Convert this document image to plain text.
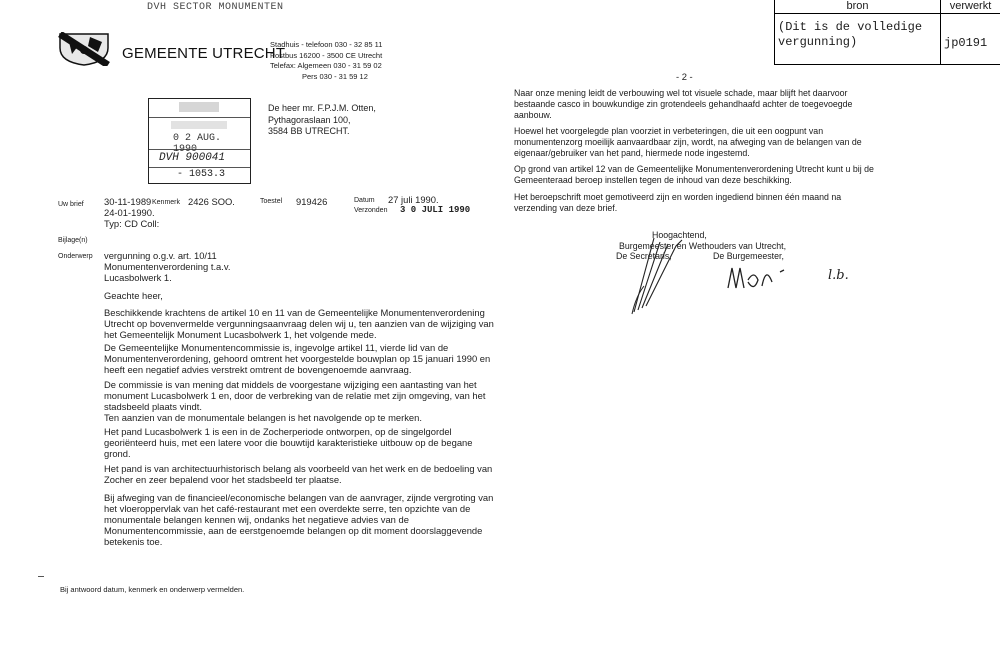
DVH SECTOR MONUMENTEN	bron	verwerkt
(Dit is de volledige
vergunning)	jp0191
GEMEENTE UTRECHT
Stadhuis - telefoon 030 - 32 85 11
Postbus 16200 - 3500 CE Utrecht
Telefax: Algemeen 030 - 31 59 02
Pers 030 - 31 59 12
0 2 AUG. 1990
DVH 900041
- 1053.3
De heer mr. F.P.J.M. Otten,
Pythagoraslaan 100,
3584 BB UTRECHT.
Uw brief 30-11-1989
24-01-1990.
Typ: CD Coll:
Kenmerk 2426 SOO.	Toestel 919426	Datum 27 juli 1990.
Verzonden 3 0 JULI 1990
Bijlage(n)
Onderwerp vergunning o.g.v. art. 10/11
Monumentenverordening t.a.v.
Lucasbolwerk 1.
Geachte heer,
Beschikkende krachtens de artikel 10 en 11 van de Gemeentelijke Monumentenverordening
Utrecht op bovenvermelde vergunningsaanvraag delen wij u, ten aanzien van de wijziging van
het Gemeentelijk Monument Lucasbolwerk 1, het volgende mede.
De Gemeentelijke Monumentencommissie is, ingevolge artikel 11, vierde lid van de
Monumentenverordening, gehoord omtrent het voorgestelde bouwplan op 15 januari 1990 en
heeft een negatief advies verstrekt omtrent de bovengenoemde aanvraag.
De commissie is van mening dat middels de voorgestane wijziging een aantasting van het
monument Lucasbolwerk 1 en, door de verbreking van de relatie met zijn omgeving, van het
stadsbeeld plaats vindt.
Ten aanzien van de monumentale belangen is het navolgende op te merken.
Het pand Lucasbolwerk 1 is een in de Zocherperiode ontworpen, op de singelgordel
georiënteerd huis, met een latere voor die bouwtijd karakteristieke uitbouw op de begane
grond.
Het pand is van architectuurhistorisch belang als voorbeeld van het werk en de bedoeling van
Zocher en zeer bepalend voor het stadsbeeld ter plaatse.
Bij afweging van de financieel/economische belangen van de aanvrager, zijnde vergroting van
het vloeroppervlak van het café-restaurant met een overdekte serre, ten opzichte van de
monumentale belangen kennen wij, ondanks het negatieve advies van de
Monumentencommissie, aan de eerstgenoemde belangen op dit moment doorslaggevende
betekenis toe.
Bij antwoord datum, kenmerk en onderwerp vermelden.
- 2 -
Naar onze mening leidt de verbouwing wel tot visuele schade, maar blijft het daarvoor
bestaande casco in bouwkundige zin grotendeels gehandhaafd achter de toegevoegde
aanbouw.
Hoewel het voorgelegde plan voorziet in verbeteringen, die uit een oogpunt van
monumentenzorg moeilijk aanvaardbaar zijn, wordt, na afweging van de belangen van de
eigenaar/gebruiker van het pand, hiermede node ingestemd.
Op grond van artikel 12 van de Gemeentelijke Monumentenverordening Utrecht kunt u bij de
Gemeenteraad beroep instellen tegen de inhoud van deze beschikking.
Het beroepschrift moet gemotiveerd zijn en worden ingediend binnen één maand na
verzending van deze brief.
Hoogachtend,
Burgemeester en Wethouders van Utrecht,
De Secretaris,	De Burgemeester,
l.b.
